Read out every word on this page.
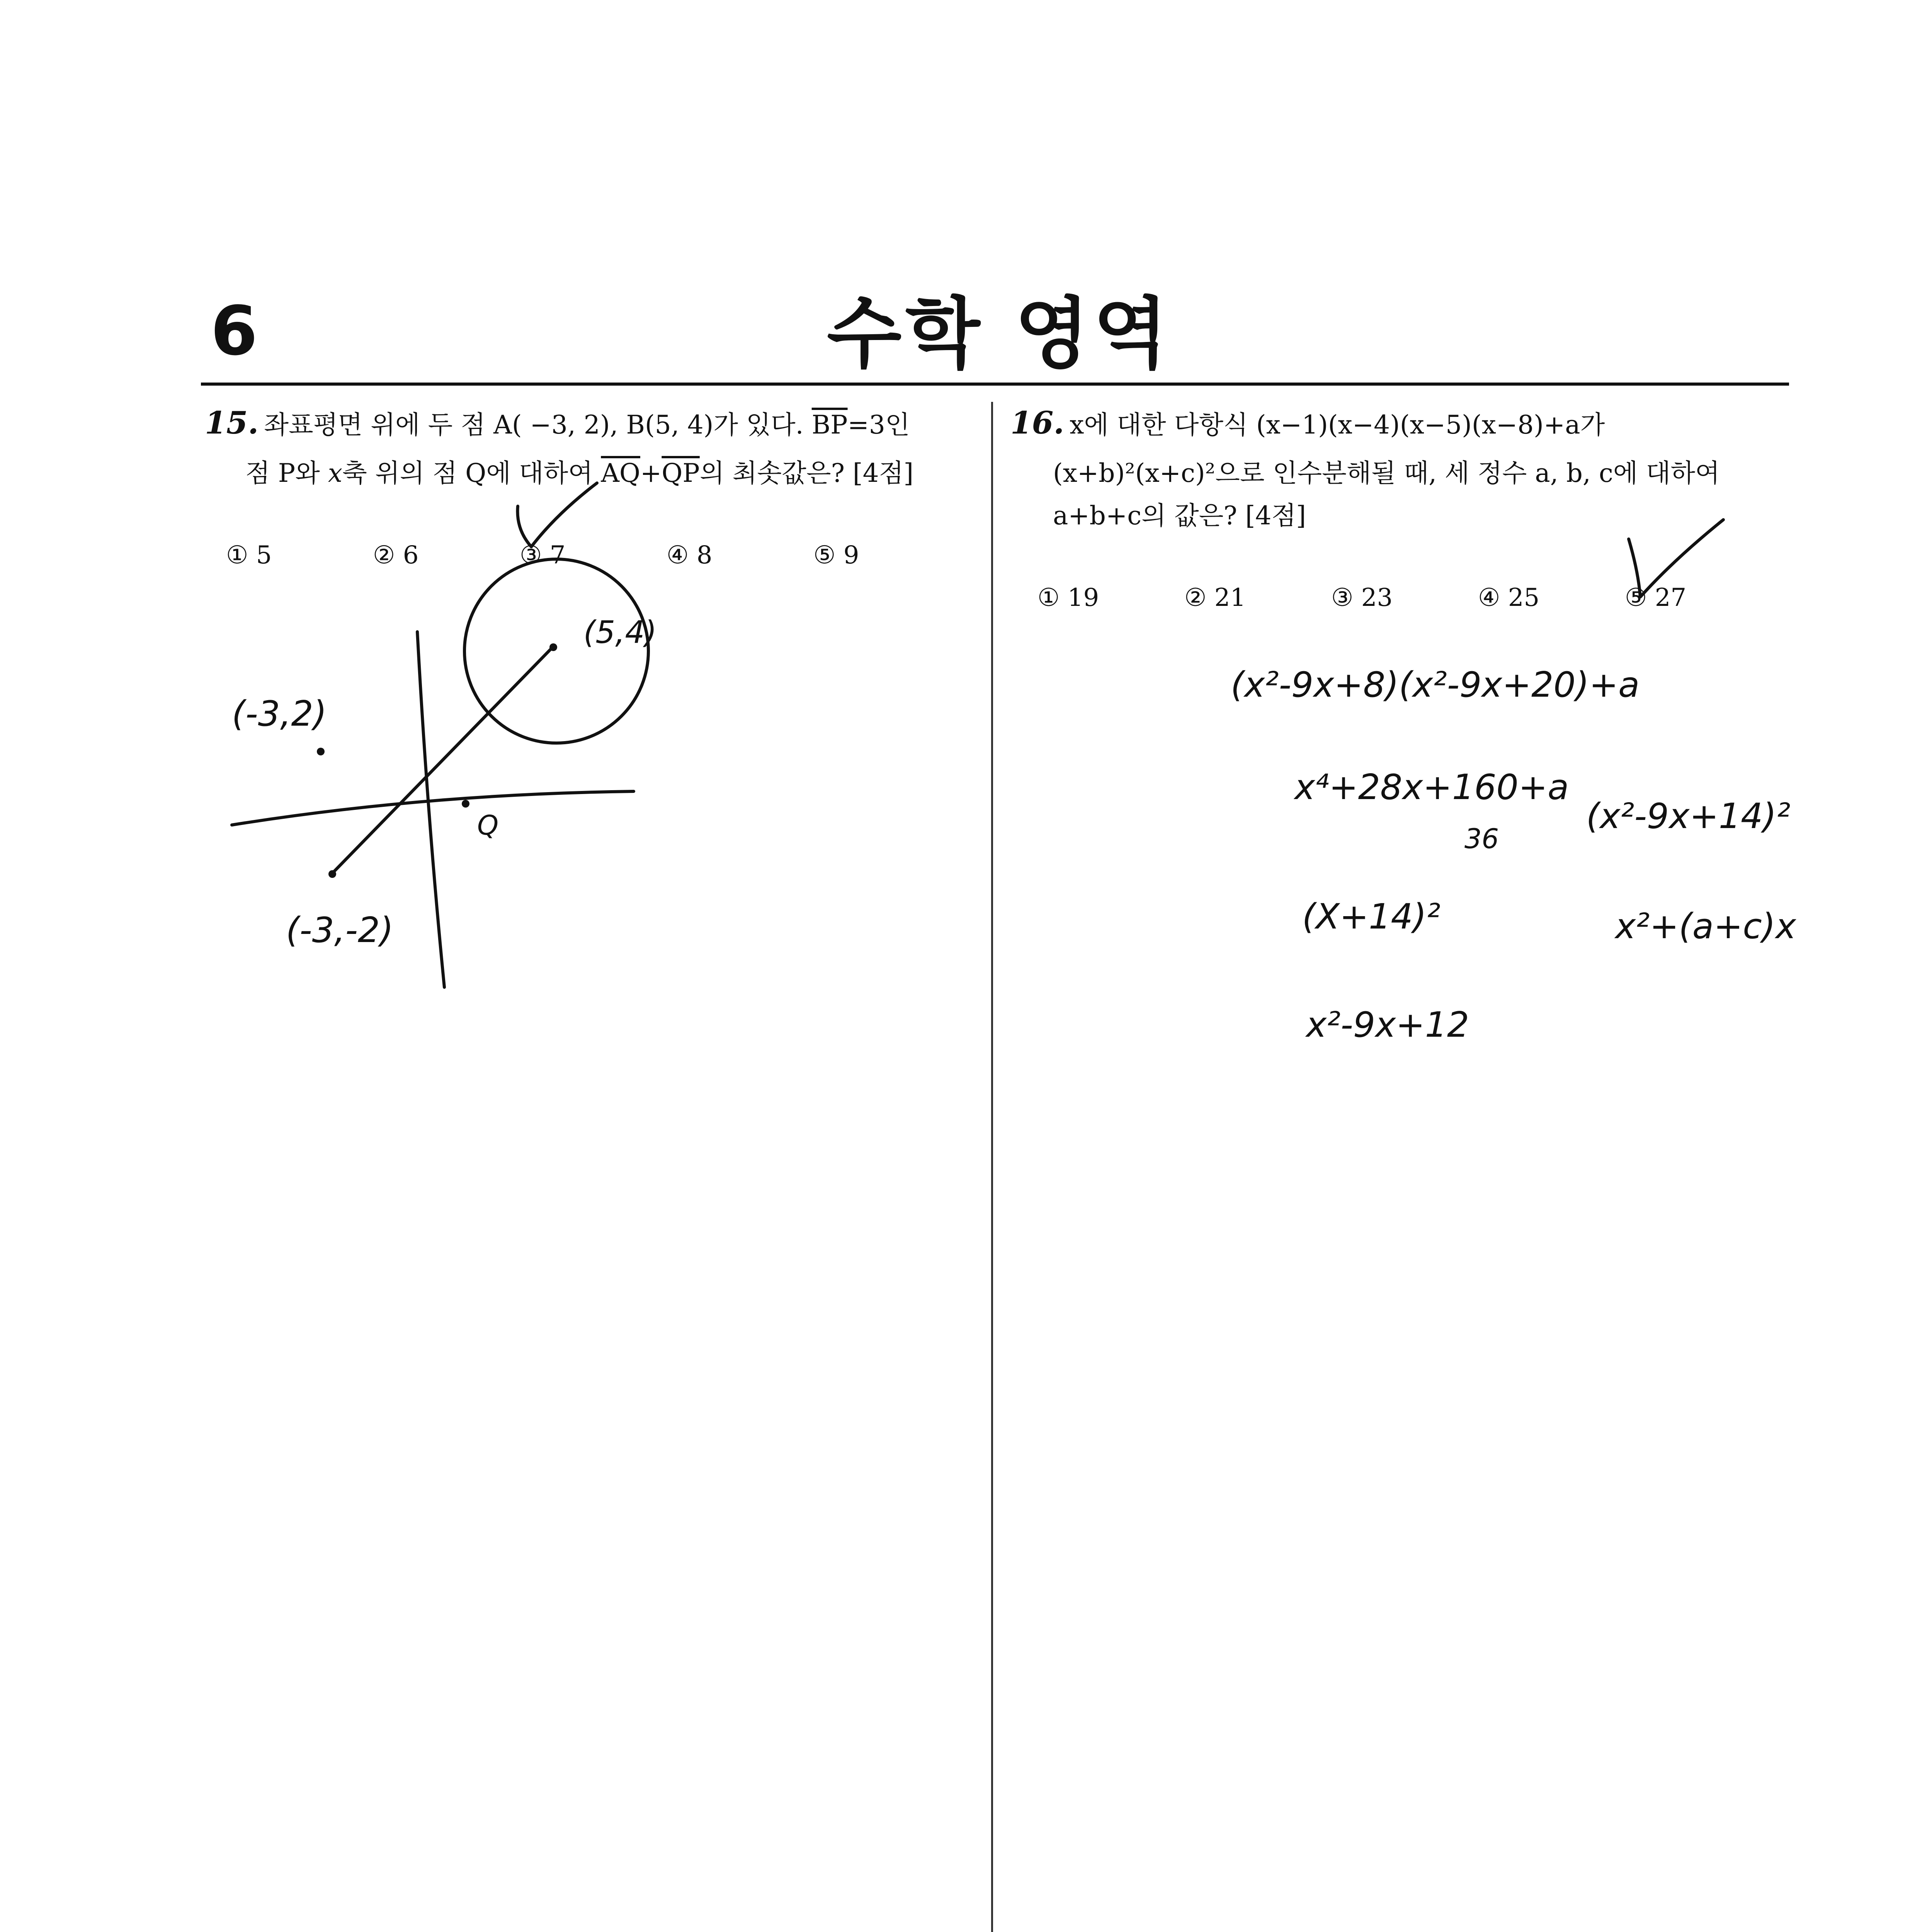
6	수학 영역
15. 좌표평면 위에 두 점 A( −3, 2), B(5, 4)가 있다. $\overline{BP}=3$인
점 P와 x축 위의 점 Q에 대하여 $\overline{AQ}+\overline{QP}$의 최솟값은? [4점]
① 5	② 6	③ 7	④ 8	⑤ 9
16. x에 대한 다항식 (x−1)(x−4)(x−5)(x−8)+a가
(x+b)²(x+c)²으로 인수분해될 때, 세 정수 a, b, c에 대하여
a+b+c의 값은? [4점]
① 19	② 21	③ 23	④ 25	⑤ 27
(5,4)
(-3,2)
Q
(-3,-2)
(x²-9x+8)(x²-9x+20)+a
x⁴+28x+160+a
36
(x²-9x+14)²
(X+14)²	x²+(a+c)x
x²-9x+12
